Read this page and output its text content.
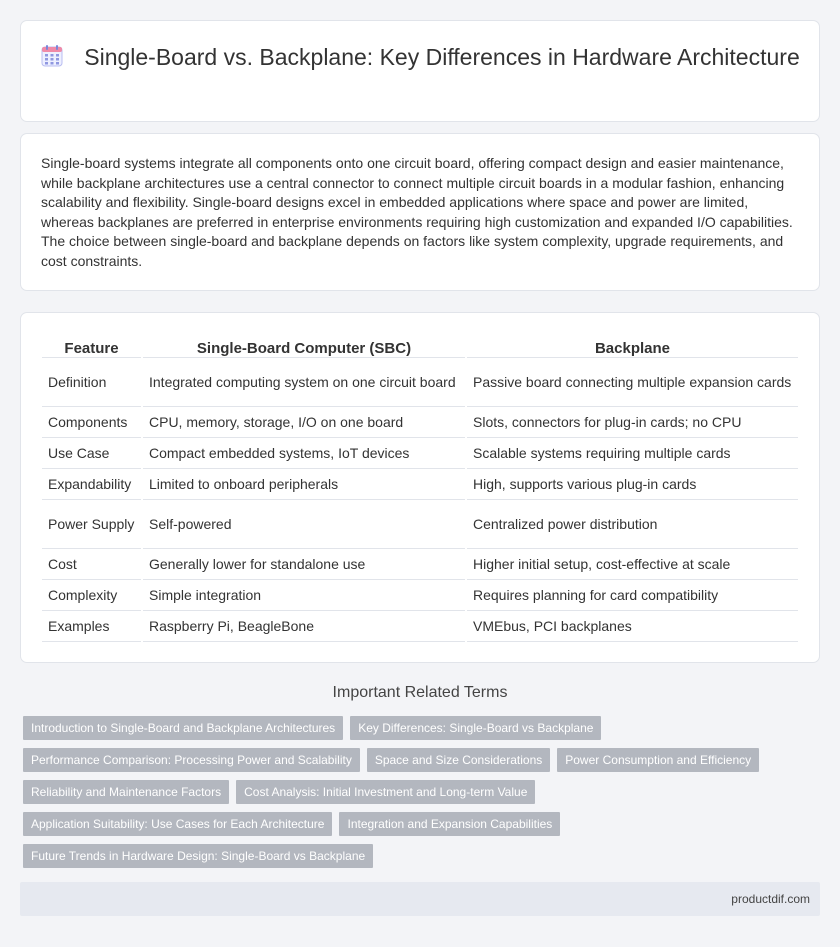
Single-Board vs. Backplane: Key Differences in Hardware Architecture

Single-board systems integrate all components onto one circuit board, offering compact design and easier maintenance, while backplane architectures use a central connector to connect multiple circuit boards in a modular fashion, enhancing scalability and flexibility. Single-board designs excel in embedded applications where space and power are limited, whereas backplanes are preferred in enterprise environments requiring high customization and expanded I/O capabilities. The choice between single-board and backplane depends on factors like system complexity, upgrade requirements, and cost constraints.

Feature	Single-Board Computer (SBC)	Backplane
Definition	Integrated computing system on one circuit board	Passive board connecting multiple expansion cards
Components	CPU, memory, storage, I/O on one board	Slots, connectors for plug-in cards; no CPU
Use Case	Compact embedded systems, IoT devices	Scalable systems requiring multiple cards
Expandability	Limited to onboard peripherals	High, supports various plug-in cards
Power Supply	Self-powered	Centralized power distribution
Cost	Generally lower for standalone use	Higher initial setup, cost-effective at scale
Complexity	Simple integration	Requires planning for card compatibility
Examples	Raspberry Pi, BeagleBone	VMEbus, PCI backplanes
Important Related Terms
Introduction to Single-Board and Backplane Architectures	Key Differences: Single-Board vs Backplane
Performance Comparison: Processing Power and Scalability	Space and Size Considerations	Power Consumption and Efficiency
Reliability and Maintenance Factors	Cost Analysis: Initial Investment and Long-term Value
Application Suitability: Use Cases for Each Architecture	Integration and Expansion Capabilities
Future Trends in Hardware Design: Single-Board vs Backplane
productdif.com
